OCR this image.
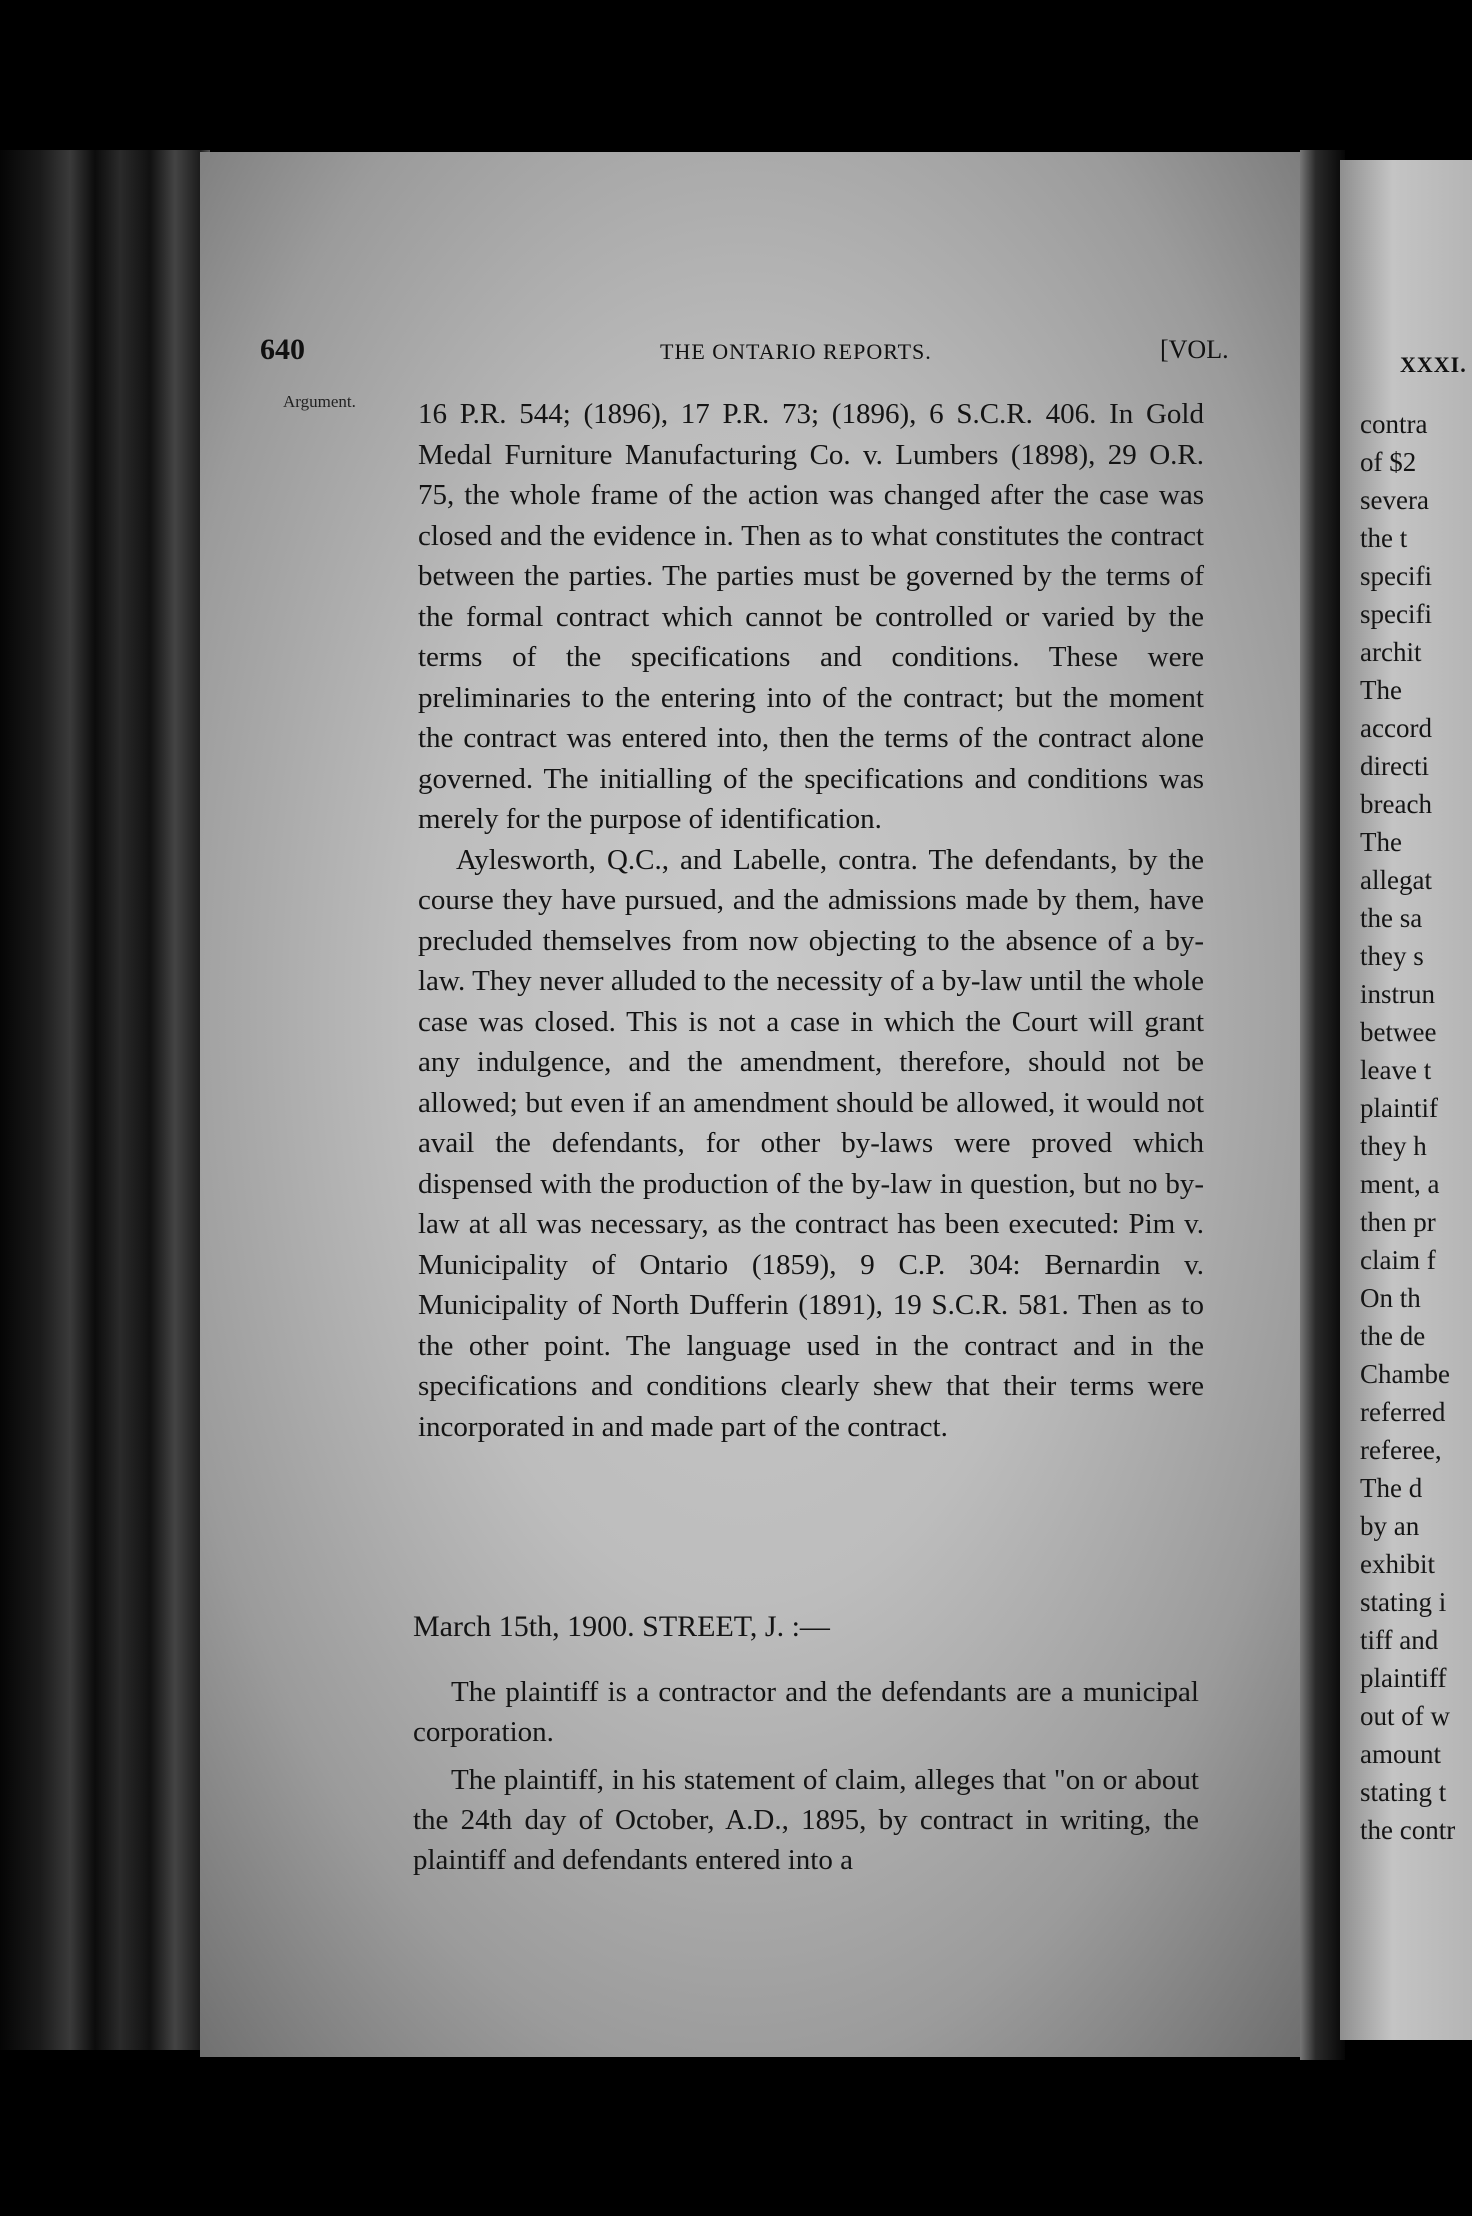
XXXI.
contra
of $2
severa
the t
specifi
specifi
archit
The
accord
directi
breach
The
allegat
the sa
they s
instrun
betwee
leave t
plaintif
they h
ment, a
then pr
claim f
On th
the de
Chambe
referred
referee,
The d
by an
exhibit
stating i
tiff and
plaintiff
out of w
amount
stating t
the contr
640	THE ONTARIO REPORTS.	[VOL.
Argument. 16 P.R. 544; (1896), 17 P.R. 73; (1896), 6 S.C.R. 406. In Gold Medal Furniture Manufacturing Co. v. Lumbers (1898), 29 O.R. 75, the whole frame of the action was changed after the case was closed and the evidence in. Then as to what constitutes the contract between the parties. The parties must be governed by the terms of the formal contract which cannot be controlled or varied by the terms of the specifications and conditions. These were preliminaries to the entering into of the contract; but the moment the contract was entered into, then the terms of the contract alone governed. The initialling of the specifications and conditions was merely for the purpose of identification.

Aylesworth, Q.C., and Labelle, contra. The defendants, by the course they have pursued, and the admissions made by them, have precluded themselves from now objecting to the absence of a by-law. They never alluded to the necessity of a by-law until the whole case was closed. This is not a case in which the Court will grant any indulgence, and the amendment, therefore, should not be allowed; but even if an amendment should be allowed, it would not avail the defendants, for other by-laws were proved which dispensed with the production of the by-law in question, but no by-law at all was necessary, as the contract has been executed: Pim v. Municipality of Ontario (1859), 9 C.P. 304: Bernardin v. Municipality of North Dufferin (1891), 19 S.C.R. 581. Then as to the other point. The language used in the contract and in the specifications and conditions clearly shew that their terms were incorporated in and made part of the contract.

March 15th, 1900. STREET, J. :—

The plaintiff is a contractor and the defendants are a municipal corporation.

The plaintiff, in his statement of claim, alleges that "on or about the 24th day of October, A.D., 1895, by contract in writing, the plaintiff and defendants entered into a
